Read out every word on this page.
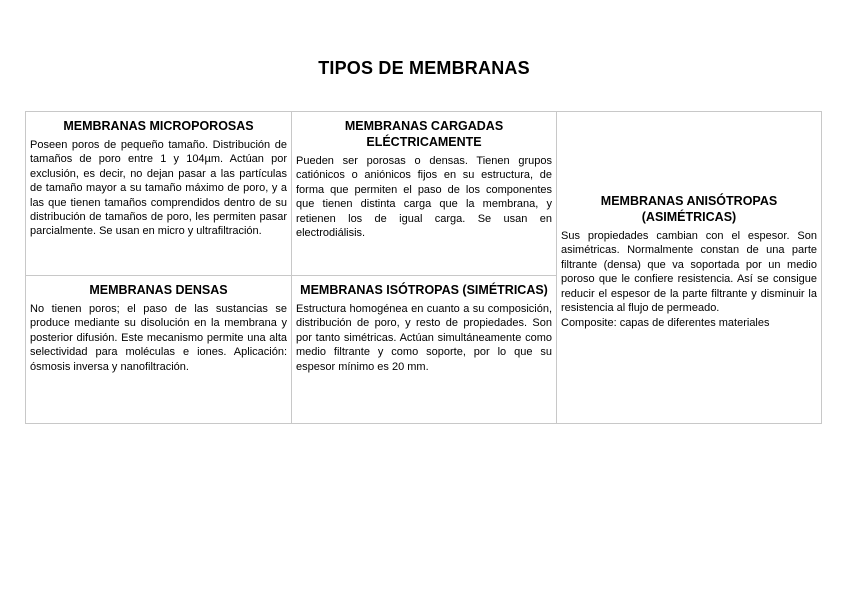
TIPOS DE MEMBRANAS

MEMBRANAS MICROPOROSAS

Poseen poros de pequeño tamaño. Distribución de tamaños de poro entre 1 y 104µm. Actúan por exclusión, es decir, no dejan pasar a las partículas de tamaño mayor a su tamaño máximo de poro, y a las que tienen tamaños comprendidos dentro de su distribución de tamaños de poro, les permiten pasar parcialmente. Se usan en micro y ultrafiltración.

MEMBRANAS CARGADAS ELÉCTRICAMENTE

Pueden ser porosas o densas. Tienen grupos catiónicos o aniónicos fijos en su estructura, de forma que permiten el paso de los componentes que tienen distinta carga que la membrana, y retienen los de igual carga. Se usan en electrodiálisis.

MEMBRANAS DENSAS

No tienen poros; el paso de las sustancias se produce mediante su disolución en la membrana y posterior difusión. Este mecanismo permite una alta selectividad para moléculas e iones. Aplicación: ósmosis inversa y nanofiltración.

MEMBRANAS ISÓTROPAS (SIMÉTRICAS)

Estructura homogénea en cuanto a su composición, distribución de poro, y resto de propiedades. Son por tanto simétricas. Actúan simultáneamente como medio filtrante y como soporte, por lo que su espesor mínimo es 20 mm.

MEMBRANAS ANISÓTROPAS (ASIMÉTRICAS)

Sus propiedades cambian con el espesor. Son asimétricas. Normalmente constan de una parte filtrante (densa) que va soportada por un medio poroso que le confiere resistencia. Así se consigue reducir el espesor de la parte filtrante y disminuir la resistencia al flujo de permeado.

Composite: capas de diferentes materiales
